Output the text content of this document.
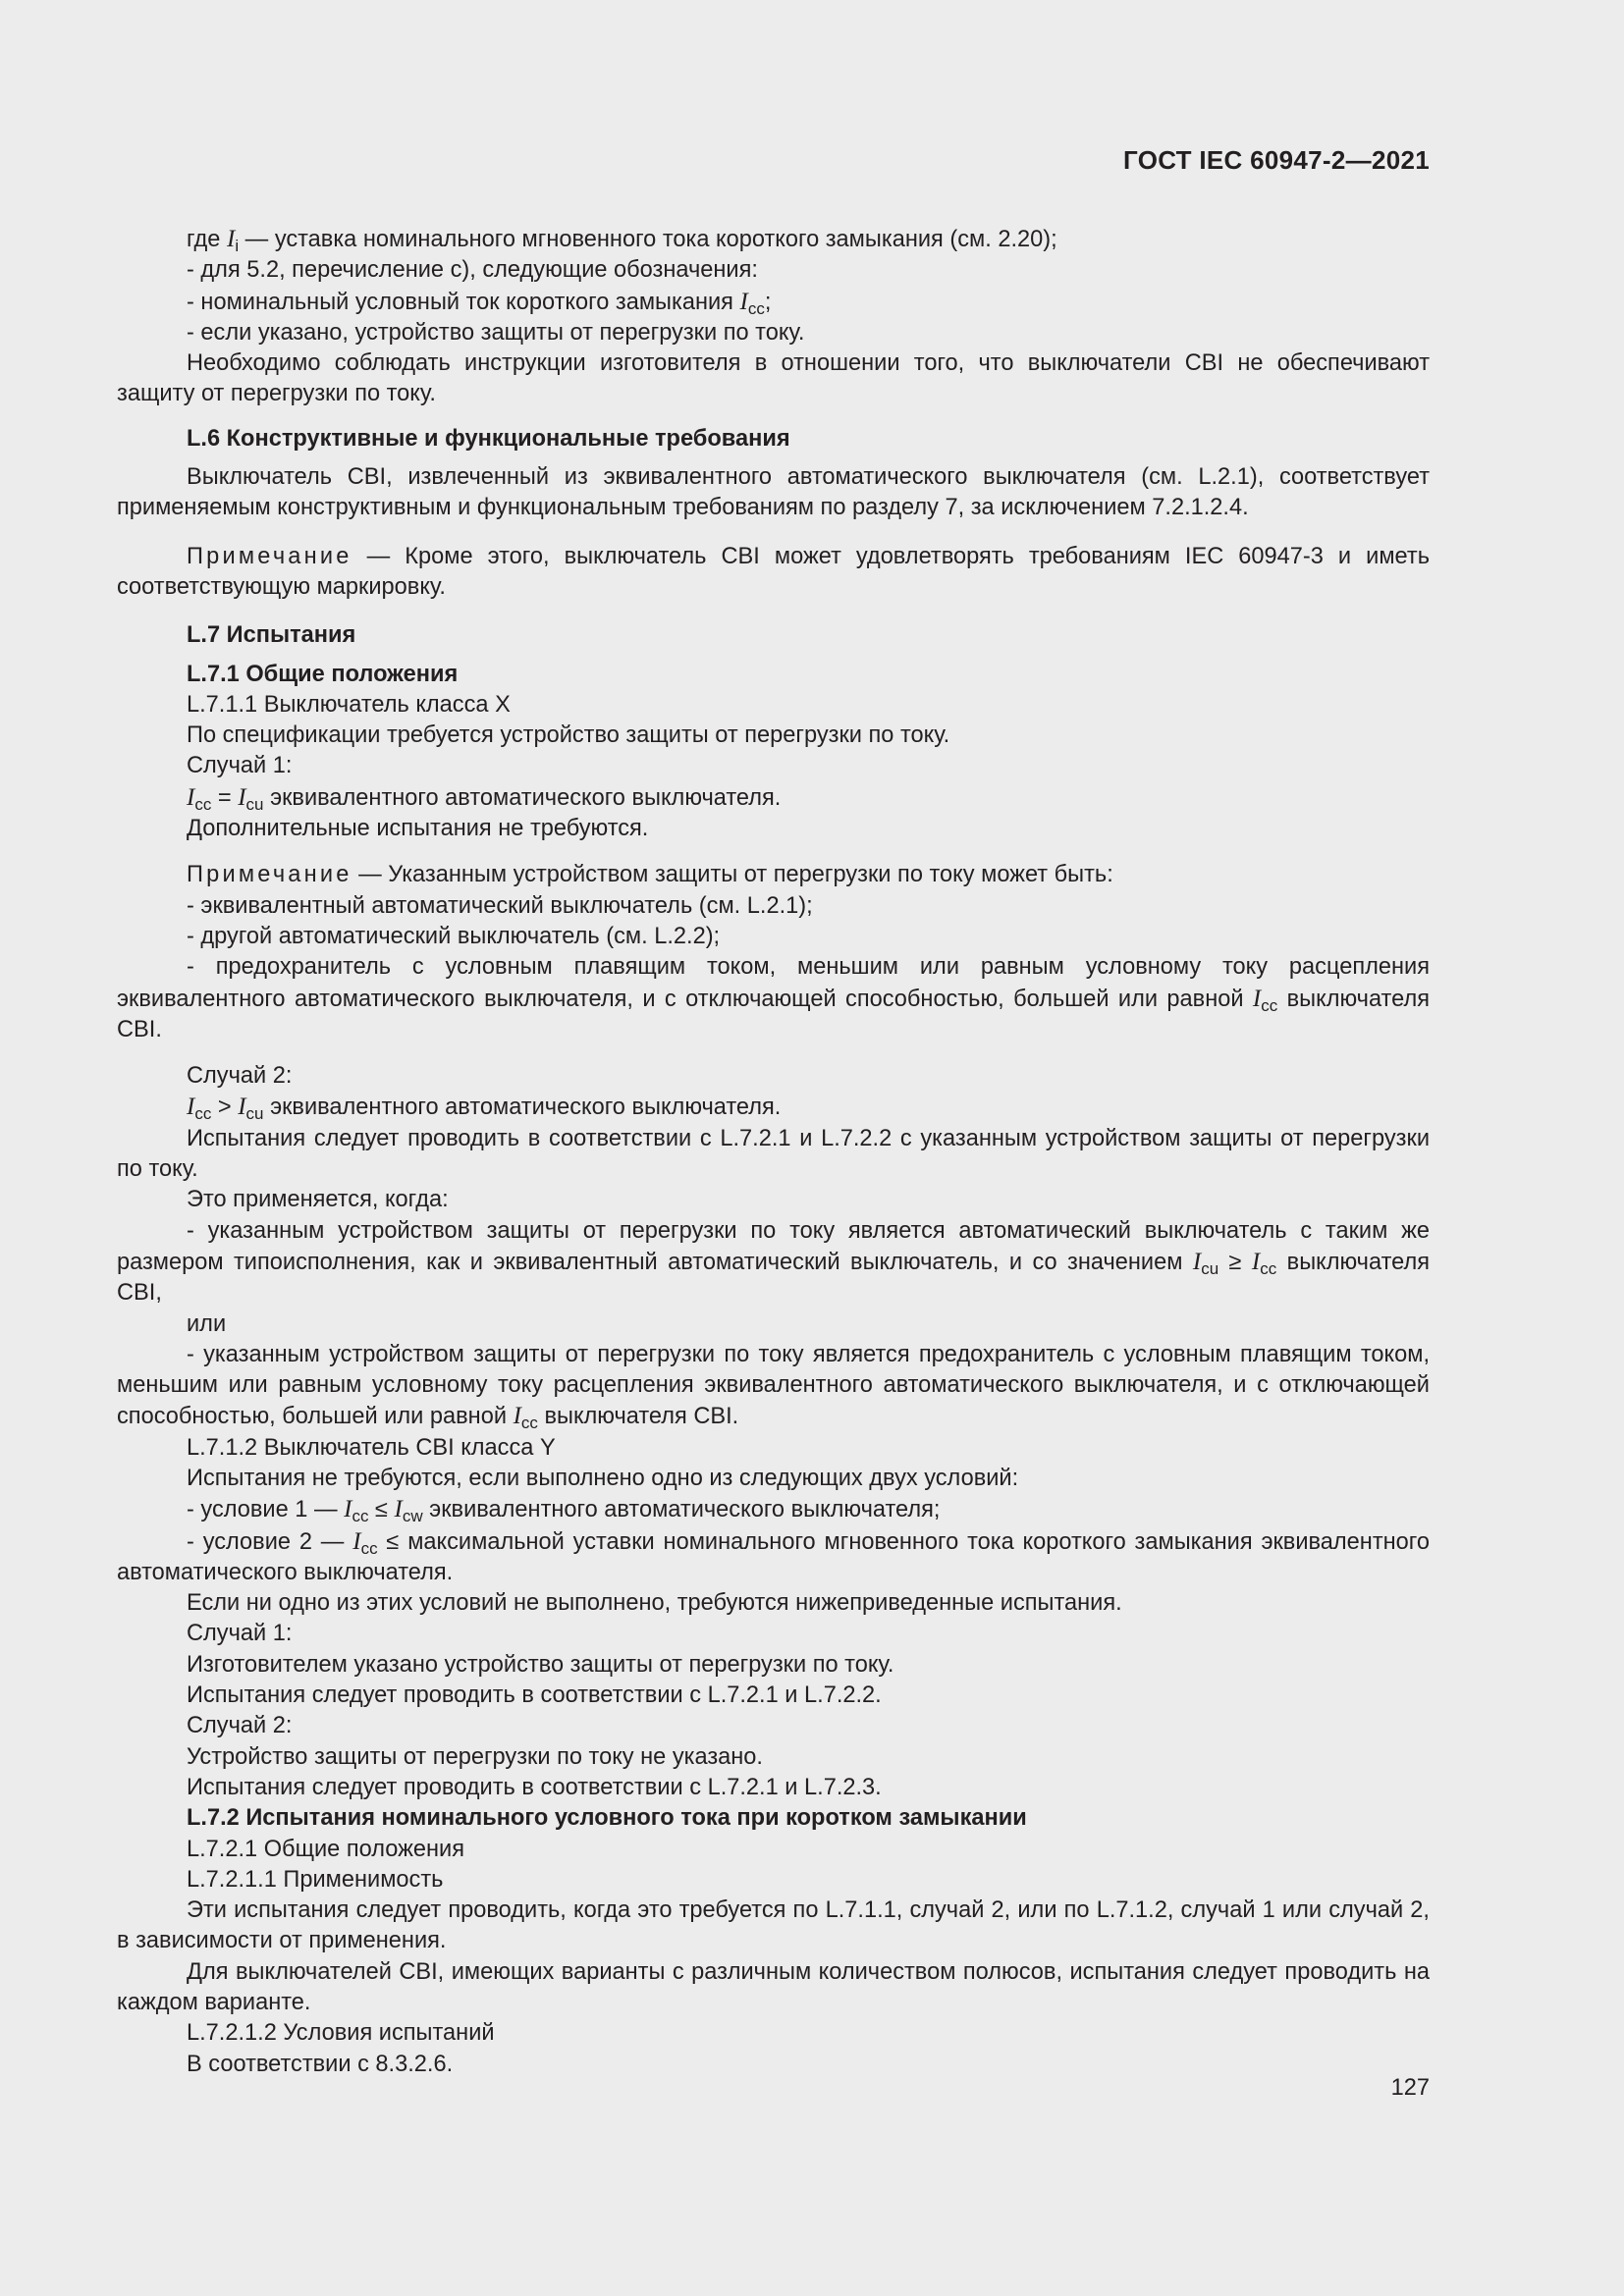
ГОСТ IEC 60947-2—2021

где $I_i$ — уставка номинального мгновенного тока короткого замыкания (см. 2.20);

- для 5.2, перечисление с), следующие обозначения:

- номинальный условный ток короткого замыкания $I_{cc}$;

- если указано, устройство защиты от перегрузки по току.

Необходимо соблюдать инструкции изготовителя в отношении того, что выключатели CBI не обеспечивают защиту от перегрузки по току.

L.6 Конструктивные и функциональные требования

Выключатель CBI, извлеченный из эквивалентного автоматического выключателя (см. L.2.1), соответствует применяемым конструктивным и функциональным требованиям по разделу 7, за исключением 7.2.1.2.4.

Примечание — Кроме этого, выключатель CBI может удовлетворять требованиям IEC 60947-3 и иметь соответствующую маркировку.

L.7 Испытания

L.7.1 Общие положения

L.7.1.1 Выключатель класса X

По спецификации требуется устройство защиты от перегрузки по току.

Случай 1:

$I_{cc} = I_{cu}$ эквивалентного автоматического выключателя.

Дополнительные испытания не требуются.

Примечание — Указанным устройством защиты от перегрузки по току может быть:

- эквивалентный автоматический выключатель (см. L.2.1);

- другой автоматический выключатель (см. L.2.2);

- предохранитель с условным плавящим током, меньшим или равным условному току расцепления эквивалентного автоматического выключателя, и с отключающей способностью, большей или равной $I_{cc}$ выключателя CBI.

Случай 2:

$I_{cc} > I_{cu}$ эквивалентного автоматического выключателя.

Испытания следует проводить в соответствии с L.7.2.1 и L.7.2.2 с указанным устройством защиты от перегрузки по току.

Это применяется, когда:

- указанным устройством защиты от перегрузки по току является автоматический выключатель с таким же размером типоисполнения, как и эквивалентный автоматический выключатель, и со значением $I_{cu} \ge I_{cc}$ выключателя CBI,

или

- указанным устройством защиты от перегрузки по току является предохранитель с условным плавящим током, меньшим или равным условному току расцепления эквивалентного автоматического выключателя, и с отключающей способностью, большей или равной $I_{cc}$ выключателя CBI.

L.7.1.2 Выключатель CBI класса Y

Испытания не требуются, если выполнено одно из следующих двух условий:

- условие 1 — $I_{cc} \le I_{cw}$ эквивалентного автоматического выключателя;

- условие 2 — $I_{cc}$ ≤ максимальной уставки номинального мгновенного тока короткого замыкания эквивалентного автоматического выключателя.

Если ни одно из этих условий не выполнено, требуются нижеприведенные испытания.

Случай 1:

Изготовителем указано устройство защиты от перегрузки по току.

Испытания следует проводить в соответствии с L.7.2.1 и L.7.2.2.

Случай 2:

Устройство защиты от перегрузки по току не указано.

Испытания следует проводить в соответствии с L.7.2.1 и L.7.2.3.

L.7.2 Испытания номинального условного тока при коротком замыкании

L.7.2.1 Общие положения

L.7.2.1.1 Применимость

Эти испытания следует проводить, когда это требуется по L.7.1.1, случай 2, или по L.7.1.2, случай 1 или случай 2, в зависимости от применения.

Для выключателей CBI, имеющих варианты с различным количеством полюсов, испытания следует проводить на каждом варианте.

L.7.2.1.2 Условия испытаний

В соответствии с 8.3.2.6.

127
